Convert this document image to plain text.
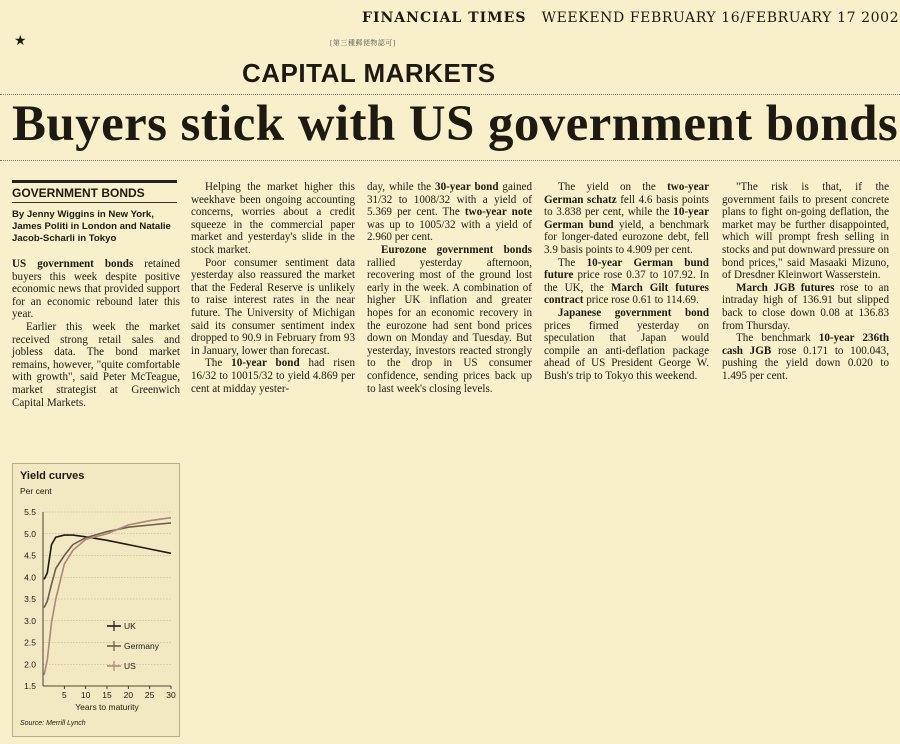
FINANCIAL TIMES WEEKEND FEBRUARY 16/FEBRUARY 17 2002
★	[第三種郵便物認可]
CAPITAL MARKETS
Buyers stick with US government bonds
GOVERNMENT BONDS
By Jenny Wiggins in New York, James Politi in London and Natalie Jacob-Scharli in Tokyo

US government bonds retained buyers this week despite positive economic news that provided support for an economic rebound later this year.

Earlier this week the market received strong retail sales and jobless data. The bond market remains, however, "quite comfortable with growth", said Peter McTeague, market strategist at Greenwich Capital Markets.

Helping the market higher this weekhave been ongoing accounting concerns, worries about a credit squeeze in the commercial paper market and yesterday's slide in the stock market.

Poor consumer sentiment data yesterday also reassured the market that the Federal Reserve is unlikely to raise interest rates in the near future. The University of Michigan said its consumer sentiment index dropped to 90.9 in February from 93 in January, lower than forecast.

The 10-year bond had risen 16/32 to 10015/32 to yield 4.869 per cent at midday yester-

day, while the 30-year bond gained 31/32 to 1008/32 with a yield of 5.369 per cent. The two-year note was up to 1005/32 with a yield of 2.960 per cent.

Eurozone government bonds rallied yesterday afternoon, recovering most of the ground lost early in the week. A combination of higher UK inflation and greater hopes for an economic recovery in the eurozone had sent bond prices down on Monday and Tuesday. But yesterday, investors reacted strongly to the drop in US consumer confidence, sending prices back up to last week's closing levels.

The yield on the two-year German schatz fell 4.6 basis points to 3.838 per cent, while the 10-year German bund yield, a benchmark for longer-dated eurozone debt, fell 3.9 basis points to 4.909 per cent.

The 10-year German bund future price rose 0.37 to 107.92. In the UK, the March Gilt futures contract price rose 0.61 to 114.69.

Japanese government bond prices firmed yesterday on speculation that Japan would compile an anti-deflation package ahead of US President George W. Bush's trip to Tokyo this weekend.

"The risk is that, if the government fails to present concrete plans to fight on-going deflation, the market may be further disappointed, which will prompt fresh selling in stocks and put downward pressure on bond prices," said Masaaki Mizuno, of Dresdner Kleinwort Wasserstein.

March JGB futures rose to an intraday high of 136.91 but slipped back to close down 0.08 at 136.83 from Thursday.

The benchmark 10-year 236th cash JGB rose 0.171 to 100.043, pushing the yield down 0.020 to 1.495 per cent.

Yield curves
Per cent
1.5
2.0
2.5
3.0
3.5
4.0
4.5
5.0
5.5
5 10 15 20 25 30
Years to maturity
UK
Germany
US
Source: Merrill Lynch
